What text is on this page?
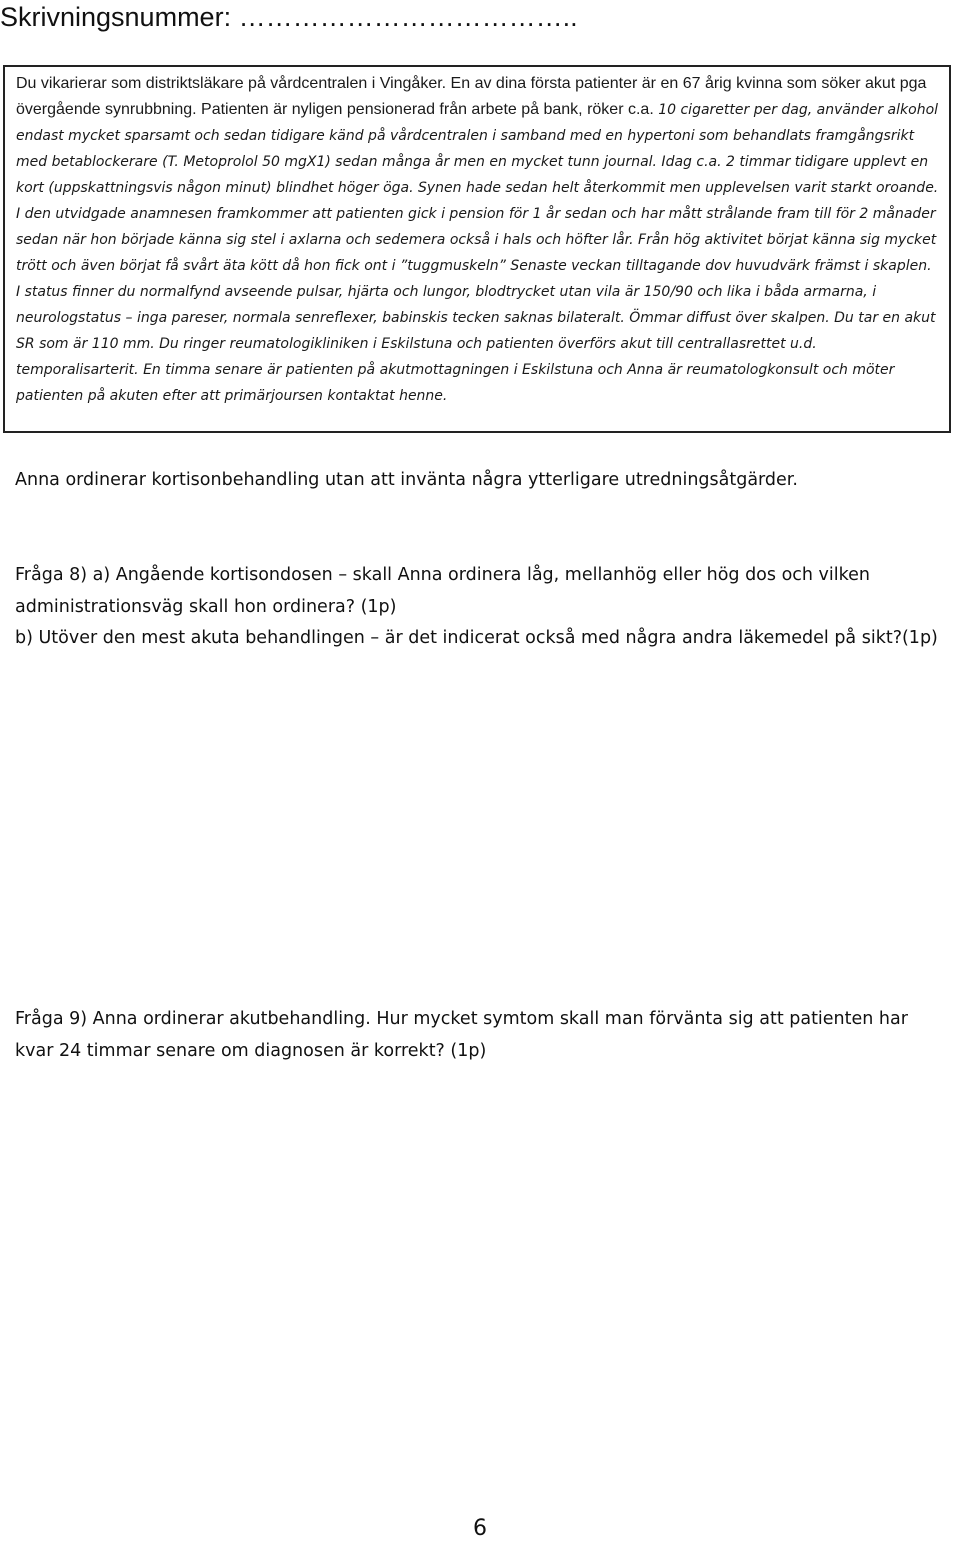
Skrivningsnummer: ………………………………..

Du vikarierar som distriktsläkare på vårdcentralen i Vingåker. En av dina första patienter är en 67 årig kvinna som söker akut pga övergående synrubbning. Patienten är nyligen pensionerad från arbete på bank, röker c.a. 10 cigaretter per dag, använder alkohol endast mycket sparsamt och sedan tidigare känd på vårdcentralen i samband med en hypertoni som behandlats framgångsrikt med betablockerare (T. Metoprolol 50 mgX1) sedan många år men en mycket tunn journal. Idag c.a. 2 timmar tidigare upplevt en kort (uppskattningsvis någon minut) blindhet höger öga. Synen hade sedan helt återkommit men upplevelsen varit starkt oroande. I den utvidgade anamnesen framkommer att patienten gick i pension för 1 år sedan och har mått strålande fram till för 2 månader sedan när hon började känna sig stel i axlarna och sedemera också i hals och höfter lår. Från hög aktivitet börjat känna sig mycket trött och även börjat få svårt äta kött då hon fick ont i ”tuggmuskeln” Senaste veckan tilltagande dov huvudvärk främst i skaplen. I status finner du normalfynd avseende pulsar, hjärta och lungor, blodtrycket utan vila är 150/90 och lika i båda armarna, i neurologstatus – inga pareser, normala senreflexer, babinskis tecken saknas bilateralt. Ömmar diffust över skalpen. Du tar en akut SR som är 110 mm. Du ringer reumatologikliniken i Eskilstuna och patienten överförs akut till centrallasrettet u.d. temporalisarterit. En timma senare är patienten på akutmottagningen i Eskilstuna och Anna är reumatologkonsult och möter patienten på akuten efter att primärjoursen kontaktat henne.

Anna ordinerar kortisonbehandling utan att invänta några ytterligare utredningsåtgärder.

Fråga 8) a) Angående kortisondosen – skall Anna ordinera låg, mellanhög eller hög dos och vilken administrationsväg skall hon ordinera? (1p)

b) Utöver den mest akuta behandlingen – är det indicerat också med några andra läkemedel på sikt?(1p)

Fråga 9) Anna ordinerar akutbehandling. Hur mycket symtom skall man förvänta sig att patienten har kvar 24 timmar senare om diagnosen är korrekt? (1p)

6
